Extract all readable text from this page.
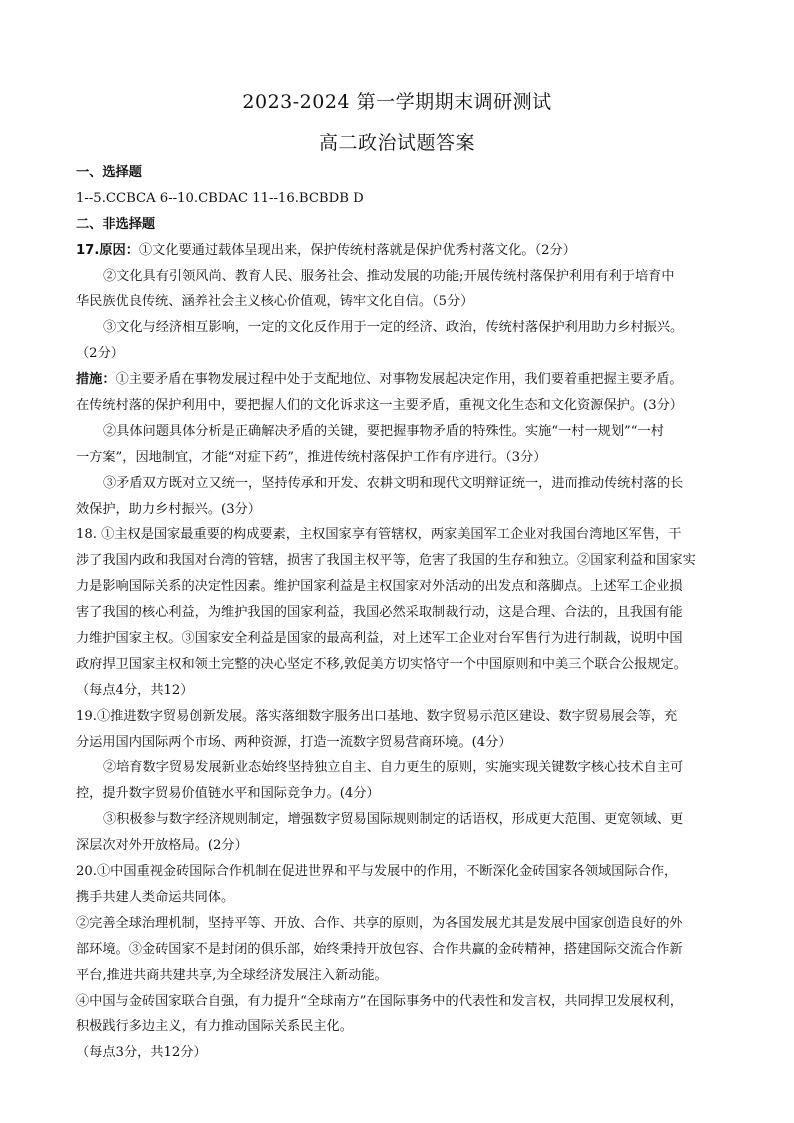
2023-2024 第一学期期末调研测试
高二政治试题答案
一、选择题
1--5.CCBCA 6--10.CBDAC 11--16.BCBDB D
二、非选择题
17.原因：①文化要通过载体呈现出来，保护传统村落就是保护优秀村落文化。（2分）
②文化具有引领风尚、教育人民、服务社会、推动发展的功能;开展传统村落保护利用有利于培育中
华民族优良传统、涵养社会主义核心价值观，铸牢文化自信。（5分）
③文化与经济相互影响，一定的文化反作用于一定的经济、政治，传统村落保护利用助力乡村振兴。
（2分）
措施：①主要矛盾在事物发展过程中处于支配地位、对事物发展起决定作用，我们要着重把握主要矛盾。
在传统村落的保护利用中，要把握人们的文化诉求这一主要矛盾，重视文化生态和文化资源保护。(3分）
②具体问题具体分析是正确解决矛盾的关键，要把握事物矛盾的特殊性。实施“一村一规划”“一村
一方案”，因地制宜，才能“对症下药”，推进传统村落保护工作有序进行。（3分）
③矛盾双方既对立又统一，坚持传承和开发、农耕文明和现代文明辩证统一，进而推动传统村落的长
效保护，助力乡村振兴。(3分）
18. ①主权是国家最重要的构成要素，主权国家享有管辖权，两家美国军工企业对我国台湾地区军售，干
涉了我国内政和我国对台湾的管辖，损害了我国主权平等，危害了我国的生存和独立。②国家利益和国家实
力是影响国际关系的决定性因素。维护国家利益是主权国家对外活动的出发点和落脚点。上述军工企业损
害了我国的核心利益，为维护我国的国家利益，我国必然采取制裁行动，这是合理、合法的，且我国有能
力维护国家主权。③国家安全利益是国家的最高利益，对上述军工企业对台军售行为进行制裁，说明中国
政府捍卫国家主权和领土完整的决心坚定不移,敦促美方切实恪守一个中国原则和中美三个联合公报规定。
（每点4分，共12）
19.①推进数字贸易创新发展。落实落细数字服务出口基地、数字贸易示范区建设、数字贸易展会等，充
分运用国内国际两个市场、两种资源，打造一流数字贸易营商环境。(4分）
②培育数字贸易发展新业态始终坚持独立自主、自力更生的原则，实施实现关键数字核心技术自主可
控，提升数字贸易价值链水平和国际竞争力。(4分）
③积极参与数字经济规则制定，增强数字贸易国际规则制定的话语权，形成更大范围、更宽领域、更
深层次对外开放格局。(2分）
20.①中国重视金砖国际合作机制在促进世界和平与发展中的作用，不断深化金砖国家各领域国际合作，
携手共建人类命运共同体。
②完善全球治理机制，坚持平等、开放、合作、共享的原则，为各国发展尤其是发展中国家创造良好的外
部环境。③金砖国家不是封闭的俱乐部，始终秉持开放包容、合作共赢的金砖精神，搭建国际交流合作新
平台,推进共商共建共享,为全球经济发展注入新动能。
④中国与金砖国家联合自强，有力提升“全球南方”在国际事务中的代表性和发言权，共同捍卫发展权利，
积极践行多边主义，有力推动国际关系民主化。
（每点3分，共12分）
